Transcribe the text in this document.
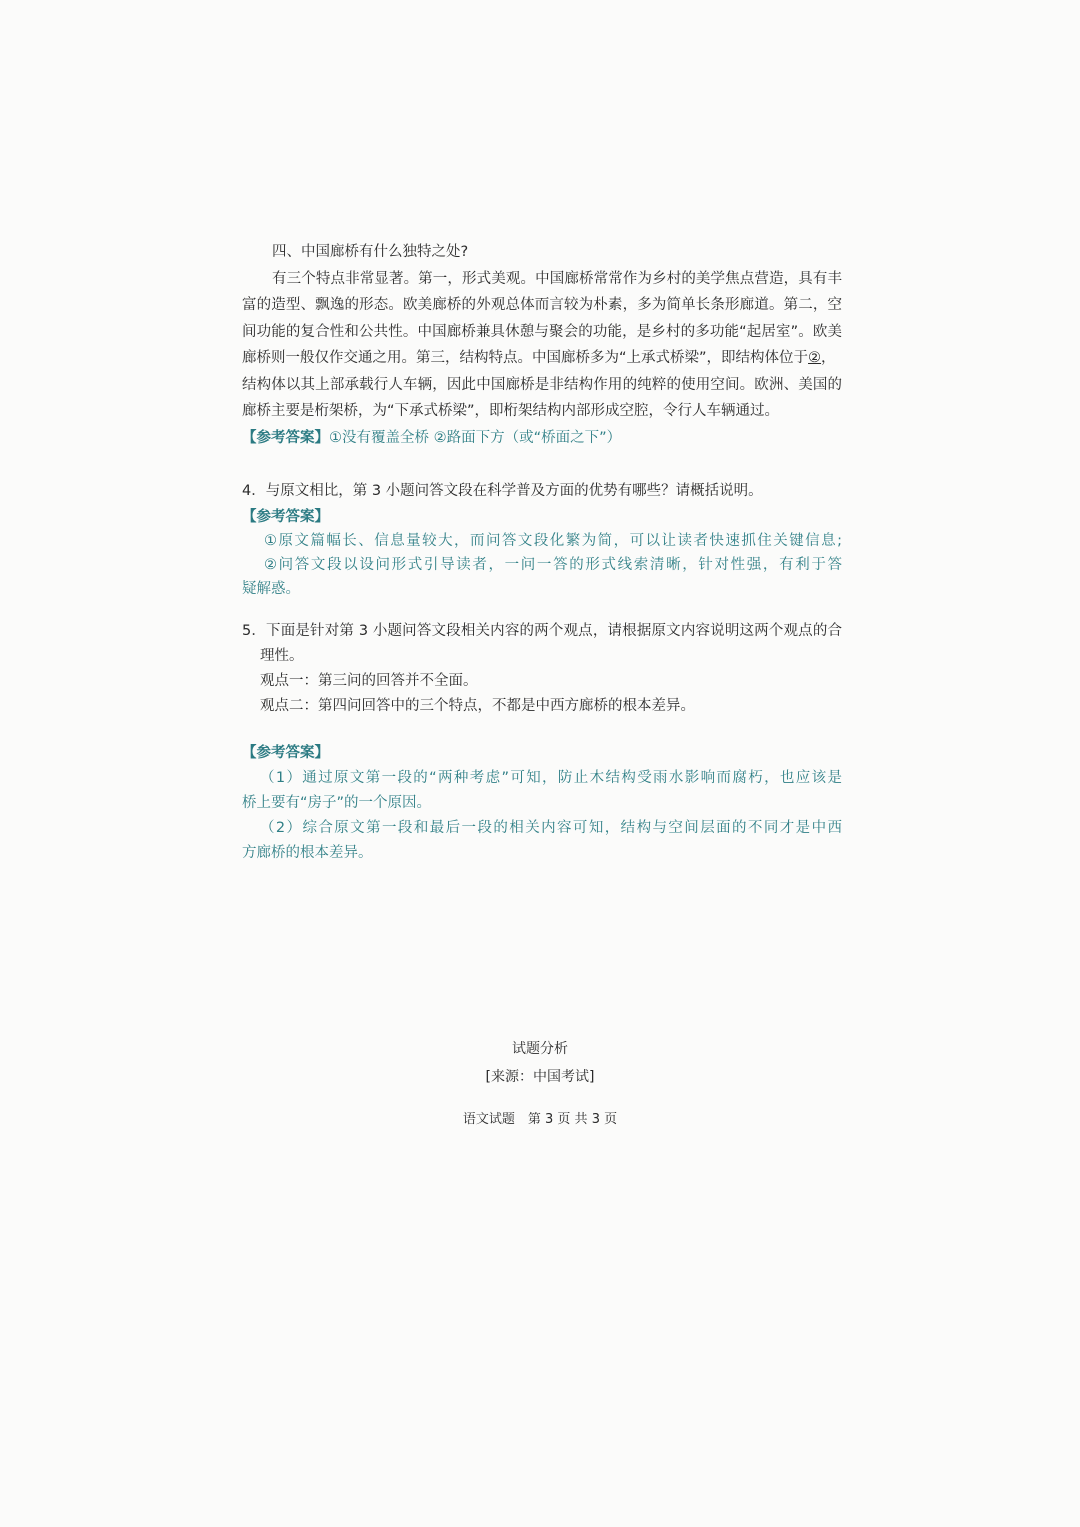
四、中国廊桥有什么独特之处?
有三个特点非常显著。第一，形式美观。中国廊桥常常作为乡村的美学焦点营造，具有丰
富的造型、飘逸的形态。欧美廊桥的外观总体而言较为朴素，多为简单长条形廊道。第二，空
间功能的复合性和公共性。中国廊桥兼具休憩与聚会的功能，是乡村的多功能“起居室”。欧美
廊桥则一般仅作交通之用。第三，结构特点。中国廊桥多为“上承式桥梁”，即结构体位于②，
结构体以其上部承载行人车辆，因此中国廊桥是非结构作用的纯粹的使用空间。欧洲、美国的
廊桥主要是桁架桥，为“下承式桥梁”，即桁架结构内部形成空腔，令行人车辆通过。
【参考答案】①没有覆盖全桥 ②路面下方（或“桥面之下”）
4．与原文相比，第 3 小题问答文段在科学普及方面的优势有哪些？请概括说明。
【参考答案】
①原文篇幅长、信息量较大，而问答文段化繁为简，可以让读者快速抓住关键信息;
②问答文段以设问形式引导读者，一问一答的形式线索清晰，针对性强，有利于答
疑解惑。
5．下面是针对第 3 小题问答文段相关内容的两个观点，请根据原文内容说明这两个观点的合
理性。
观点一：第三问的回答并不全面。
观点二：第四问回答中的三个特点，不都是中西方廊桥的根本差异。
【参考答案】
（1）通过原文第一段的“两种考虑”可知，防止木结构受雨水影响而腐朽，也应该是
桥上要有“房子”的一个原因。
（2）综合原文第一段和最后一段的相关内容可知，结构与空间层面的不同才是中西
方廊桥的根本差异。
试题分析
[来源：中国考试]
语文试题　第 3 页 共 3 页
